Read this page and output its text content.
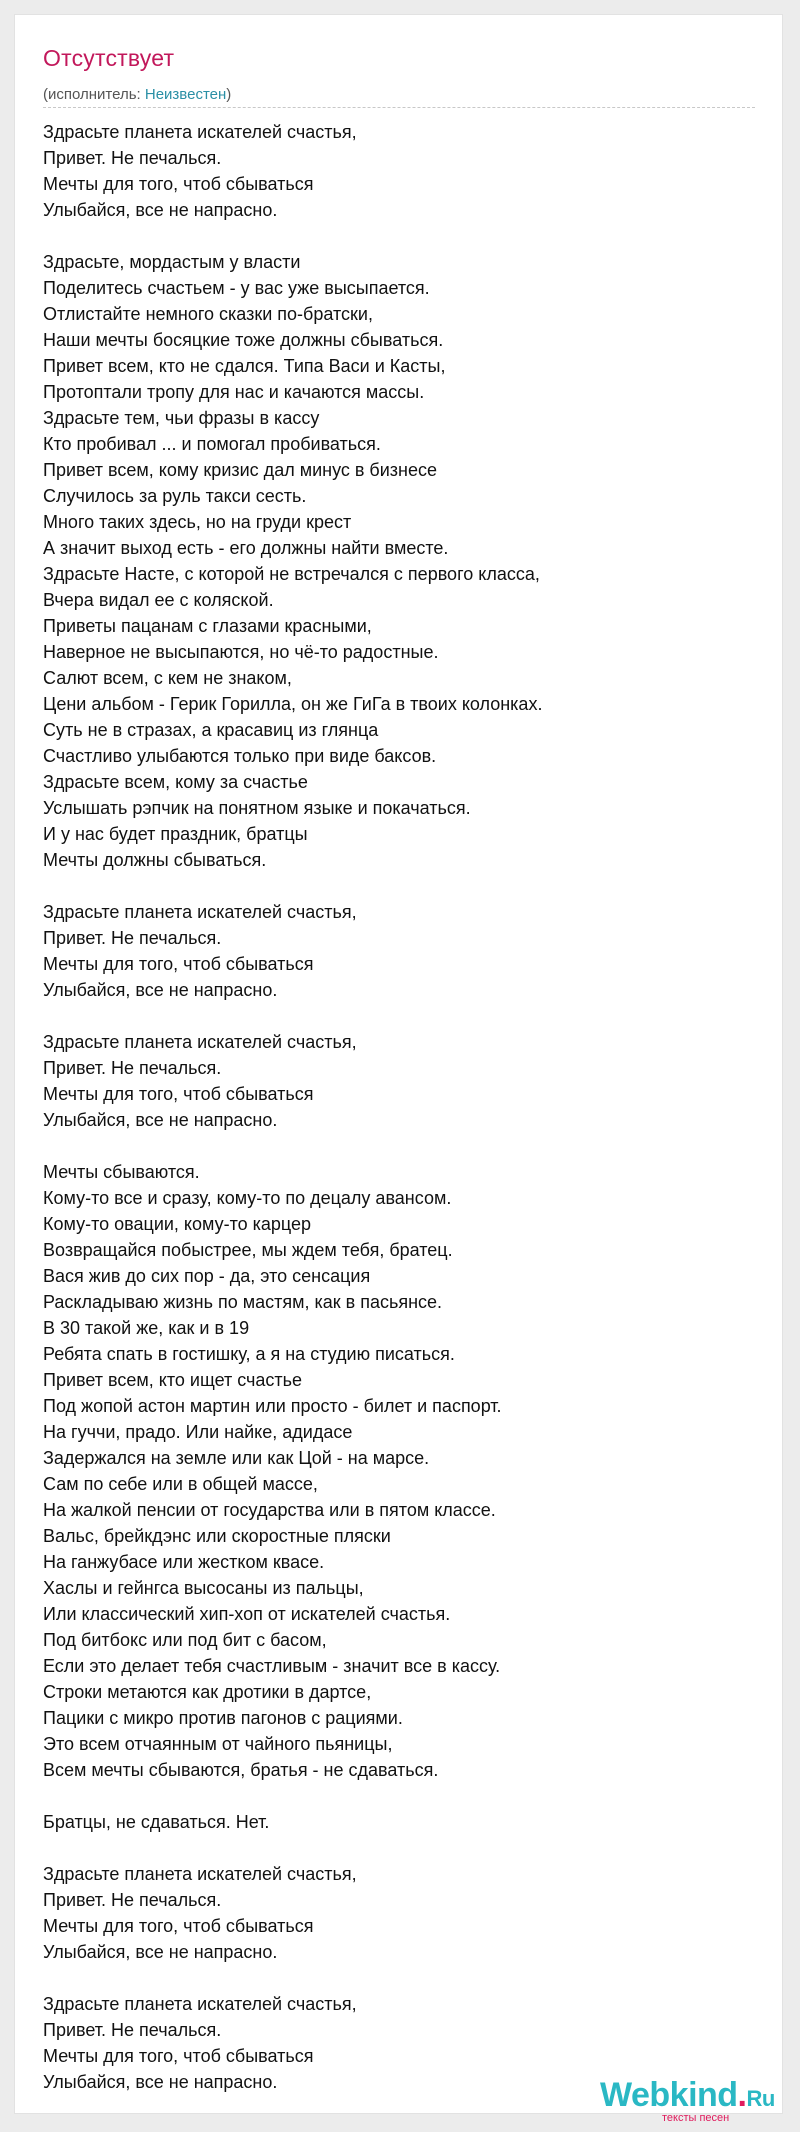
Отсутствует
(исполнитель: Неизвестен)
Здрасьте планета искателей счастья,
Привет. Не печалься.
Мечты для того, чтоб сбываться
Улыбайся, все не напрасно.
Здрасьте, мордастым у власти
Поделитесь счастьем - у вас уже высыпается.
Отлистайте немного сказки по-братски,
Наши мечты босяцкие тоже должны сбываться.
Привет всем, кто не сдался. Типа Васи и Касты,
Протоптали тропу для нас и качаются массы.
Здрасьте тем, чьи фразы в кассу
Кто пробивал ... и помогал пробиваться.
Привет всем, кому кризис дал минус в бизнесе
Случилось за руль такси сесть.
Много таких здесь, но на груди крест
А значит выход есть - его должны найти вместе.
Здрасьте Насте, с которой не встречался с первого класса,
Вчера видал ее с коляской.
Приветы пацанам с глазами красными,
Наверное не высыпаются, но чё-то радостные.
Салют всем, с кем не знаком,
Цени альбом - Герик Горилла, он же ГиГа в твоих колонках.
Суть не в стразах, а красавиц из глянца
Счастливо улыбаются только при виде баксов.
Здрасьте всем, кому за счастье
Услышать рэпчик на понятном языке и покачаться.
И у нас будет праздник, братцы
Мечты должны сбываться.
Здрасьте планета искателей счастья,
Привет. Не печалься.
Мечты для того, чтоб сбываться
Улыбайся, все не напрасно.
Здрасьте планета искателей счастья,
Привет. Не печалься.
Мечты для того, чтоб сбываться
Улыбайся, все не напрасно.
Мечты сбываются.
Кому-то все и сразу, кому-то по децалу авансом.
Кому-то овации, кому-то карцер
Возвращайся побыстрее, мы ждем тебя, братец.
Вася жив до сих пор - да, это сенсация
Раскладываю жизнь по мастям, как в пасьянсе.
В 30 такой же, как и в 19
Ребята спать в гостишку, а я на студию писаться.
Привет всем, кто ищет счастье
Под жопой астон мартин или просто - билет и паспорт.
На гуччи, прадо. Или найке, адидасе
Задержался на земле или как Цой - на марсе.
Сам по себе или в общей массе,
На жалкой пенсии от государства или в пятом классе.
Вальс, брейкдэнс или скоростные пляски
На ганжубасе или жестком квасе.
Хаслы и гейнгса высосаны из пальцы,
Или классический хип-хоп от искателей счастья.
Под битбокс или под бит с басом,
Если это делает тебя счастливым - значит все в кассу.
Строки метаются как дротики в дартсе,
Пацики с микро против пагонов с рациями.
Это всем отчаянным от чайного пьяницы,
Всем мечты сбываются, братья - не сдаваться.
Братцы, не сдаваться. Нет.
Здрасьте планета искателей счастья,
Привет. Не печалься.
Мечты для того, чтоб сбываться
Улыбайся, все не напрасно.
Здрасьте планета искателей счастья,
Привет. Не печалься.
Мечты для того, чтоб сбываться
Улыбайся, все не напрасно.	Webkind.Ru
тексты песен
